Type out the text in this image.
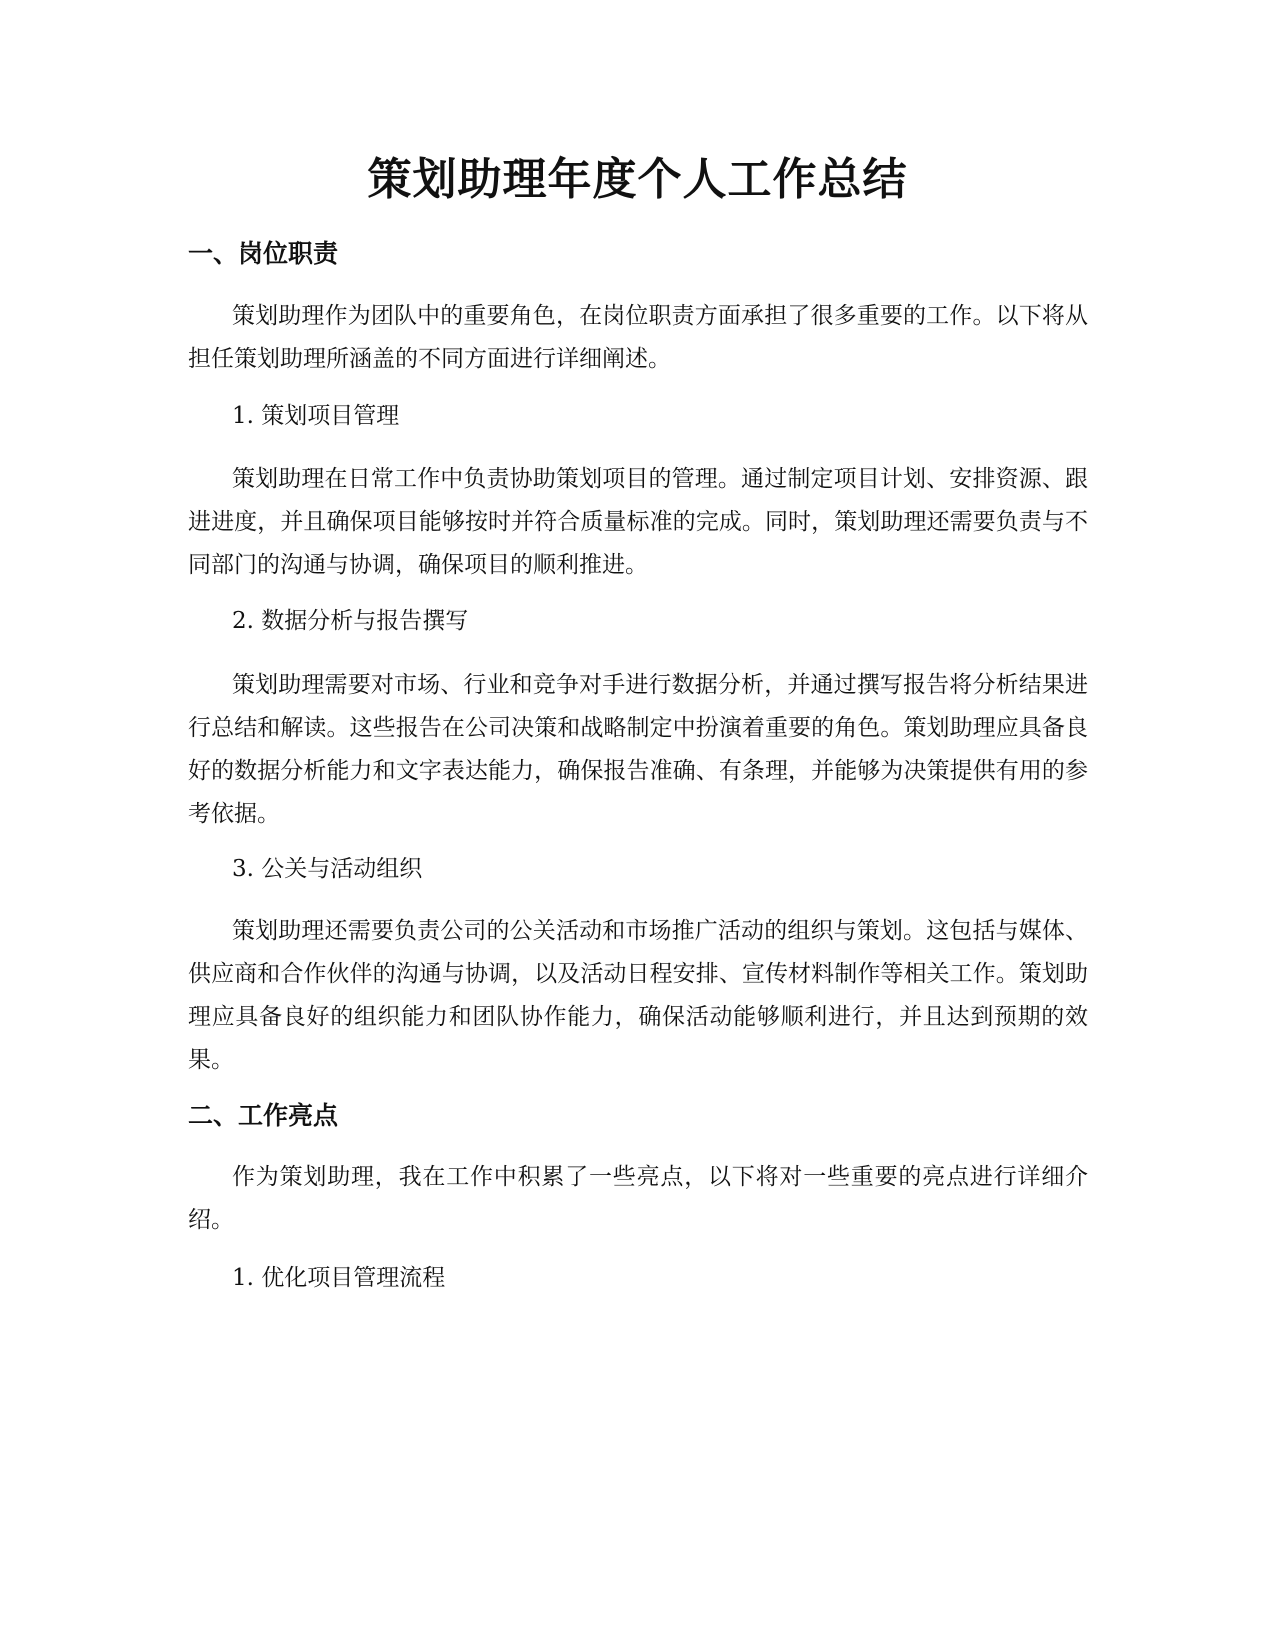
策划助理年度个人工作总结
一、岗位职责

策划助理作为团队中的重要角色，在岗位职责方面承担了很多重要的工作。以下将从担任策划助理所涵盖的不同方面进行详细阐述。

1. 策划项目管理

策划助理在日常工作中负责协助策划项目的管理。通过制定项目计划、安排资源、跟进进度，并且确保项目能够按时并符合质量标准的完成。同时，策划助理还需要负责与不同部门的沟通与协调，确保项目的顺利推进。

2. 数据分析与报告撰写

策划助理需要对市场、行业和竞争对手进行数据分析，并通过撰写报告将分析结果进行总结和解读。这些报告在公司决策和战略制定中扮演着重要的角色。策划助理应具备良好的数据分析能力和文字表达能力，确保报告准确、有条理，并能够为决策提供有用的参考依据。

3. 公关与活动组织

策划助理还需要负责公司的公关活动和市场推广活动的组织与策划。这包括与媒体、供应商和合作伙伴的沟通与协调，以及活动日程安排、宣传材料制作等相关工作。策划助理应具备良好的组织能力和团队协作能力，确保活动能够顺利进行，并且达到预期的效果。

二、工作亮点

作为策划助理，我在工作中积累了一些亮点，以下将对一些重要的亮点进行详细介绍。

1. 优化项目管理流程
